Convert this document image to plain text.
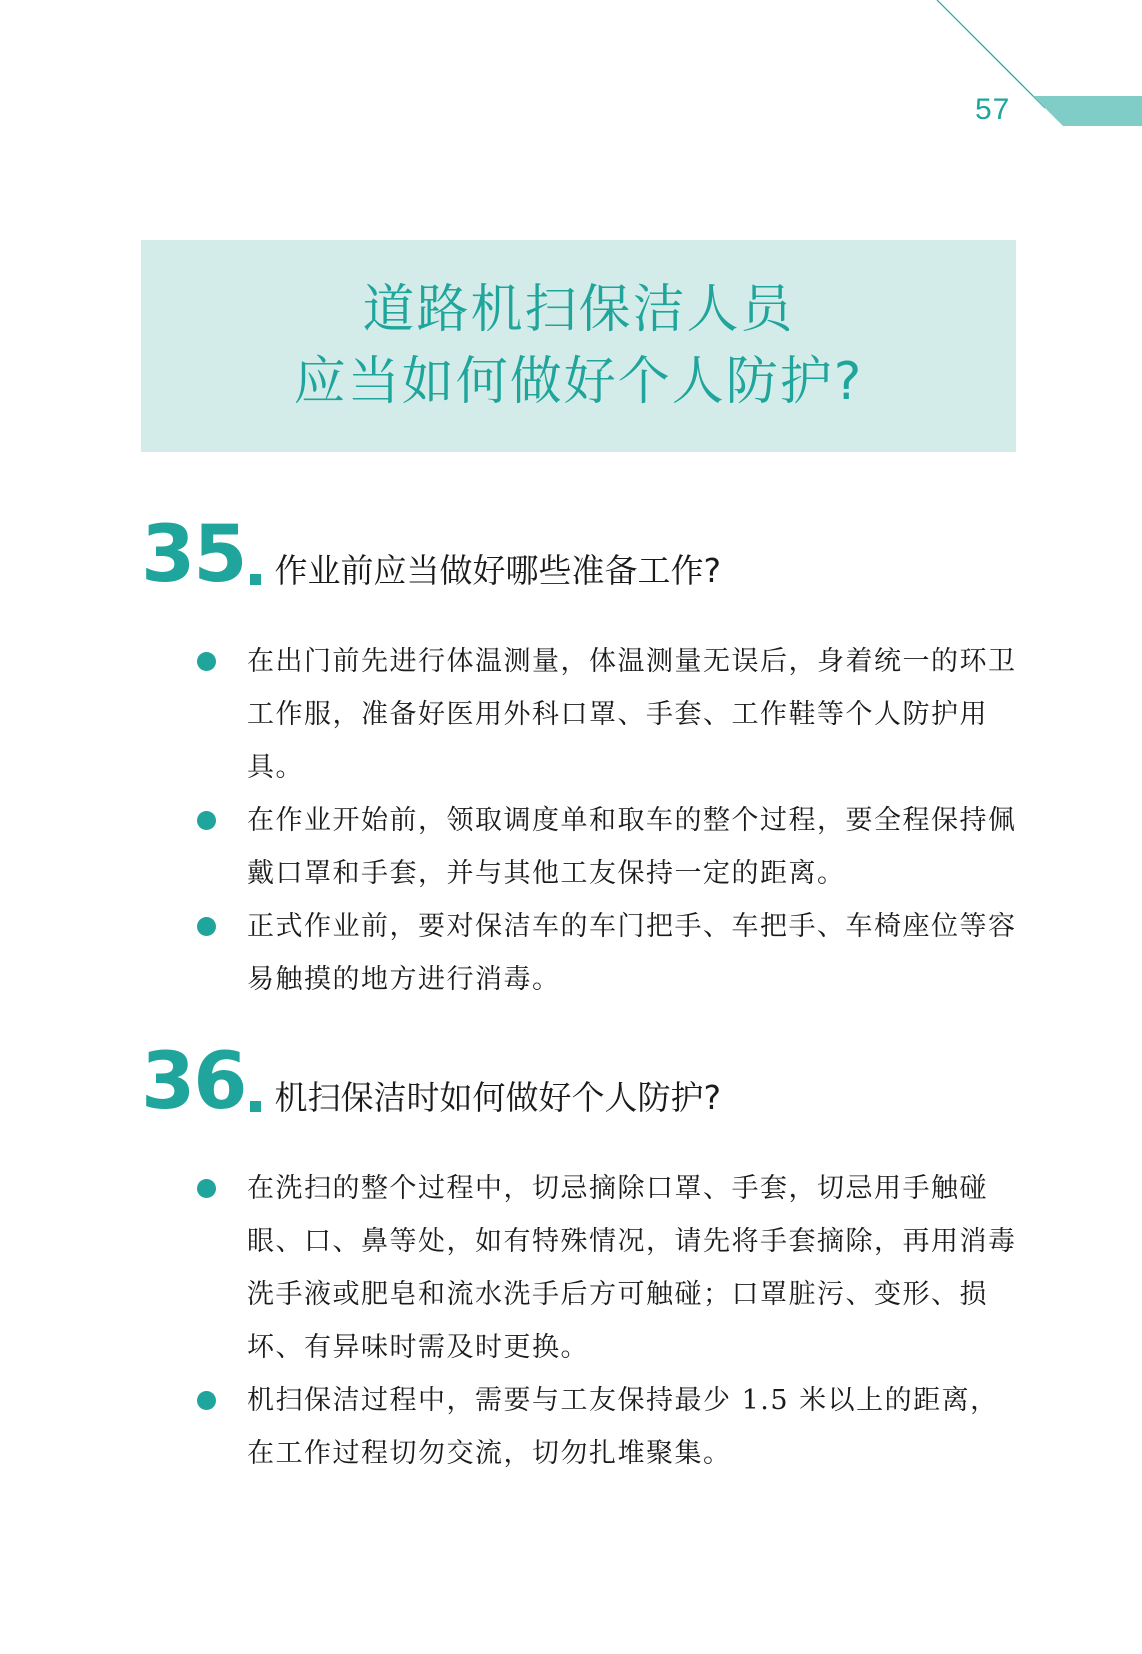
57
道路机扫保洁人员
应当如何做好个人防护?
35 作业前应当做好哪些准备工作?
在出门前先进行体温测量，体温测量无误后，身着统一的环卫工作服，准备好医用外科口罩、手套、工作鞋等个人防护用具。
在作业开始前，领取调度单和取车的整个过程，要全程保持佩戴口罩和手套，并与其他工友保持一定的距离。
正式作业前，要对保洁车的车门把手、车把手、车椅座位等容易触摸的地方进行消毒。
36 机扫保洁时如何做好个人防护?
在洗扫的整个过程中，切忌摘除口罩、手套，切忌用手触碰眼、口、鼻等处，如有特殊情况，请先将手套摘除，再用消毒洗手液或肥皂和流水洗手后方可触碰；口罩脏污、变形、损坏、有异味时需及时更换。
机扫保洁过程中，需要与工友保持最少 1.5 米以上的距离，在工作过程切勿交流，切勿扎堆聚集。
